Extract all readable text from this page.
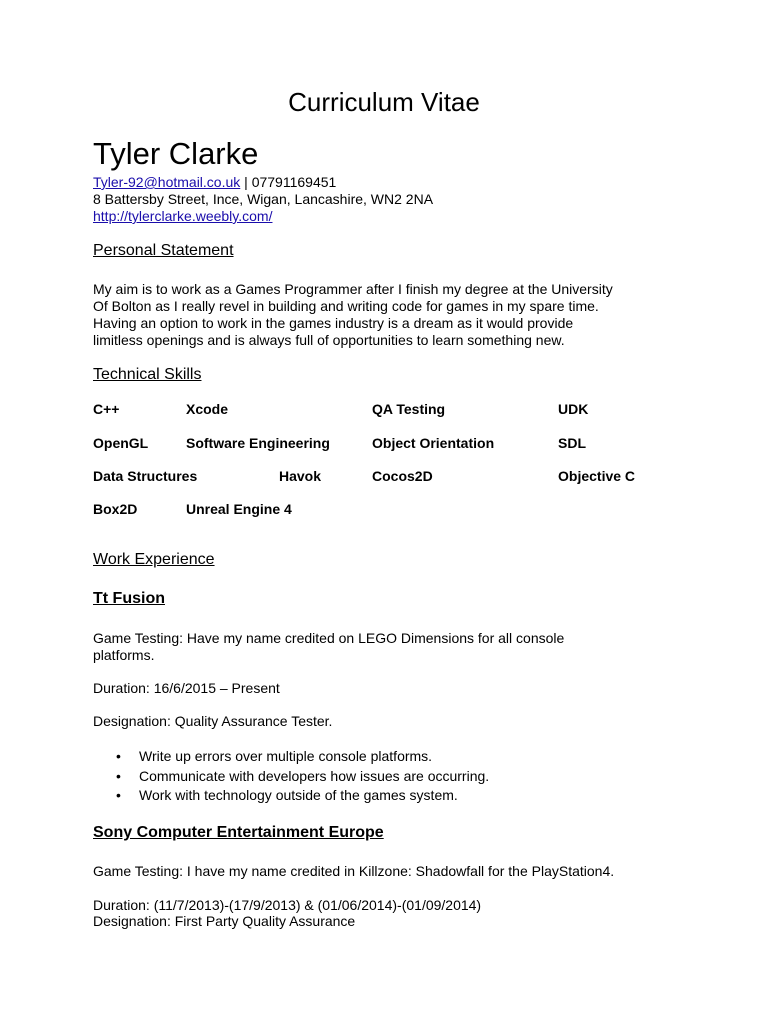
Curriculum Vitae
Tyler Clarke
Tyler-92@hotmail.co.uk | 07791169451
8 Battersby Street, Ince, Wigan, Lancashire, WN2 2NA
http://tylerclarke.weebly.com/
Personal Statement
My aim is to work as a Games Programmer after I finish my degree at the University
Of Bolton as I really revel in building and writing code for games in my spare time.
Having an option to work in the games industry is a dream as it would provide
limitless openings and is always full of opportunities to learn something new.
Technical Skills
C++	Xcode	QA Testing	UDK
OpenGL	Software Engineering	Object Orientation	SDL
Data Structures	Havok	Cocos2D	Objective C
Box2D	Unreal Engine 4
Work Experience
Tt Fusion
Game Testing: Have my name credited on LEGO Dimensions for all console
platforms.
Duration: 16/6/2015 – Present
Designation: Quality Assurance Tester.
• Write up errors over multiple console platforms.
• Communicate with developers how issues are occurring.
• Work with technology outside of the games system.
Sony Computer Entertainment Europe
Game Testing: I have my name credited in Killzone: Shadowfall for the PlayStation4.
Duration: (11/7/2013)-(17/9/2013) & (01/06/2014)-(01/09/2014)
Designation: First Party Quality Assurance
